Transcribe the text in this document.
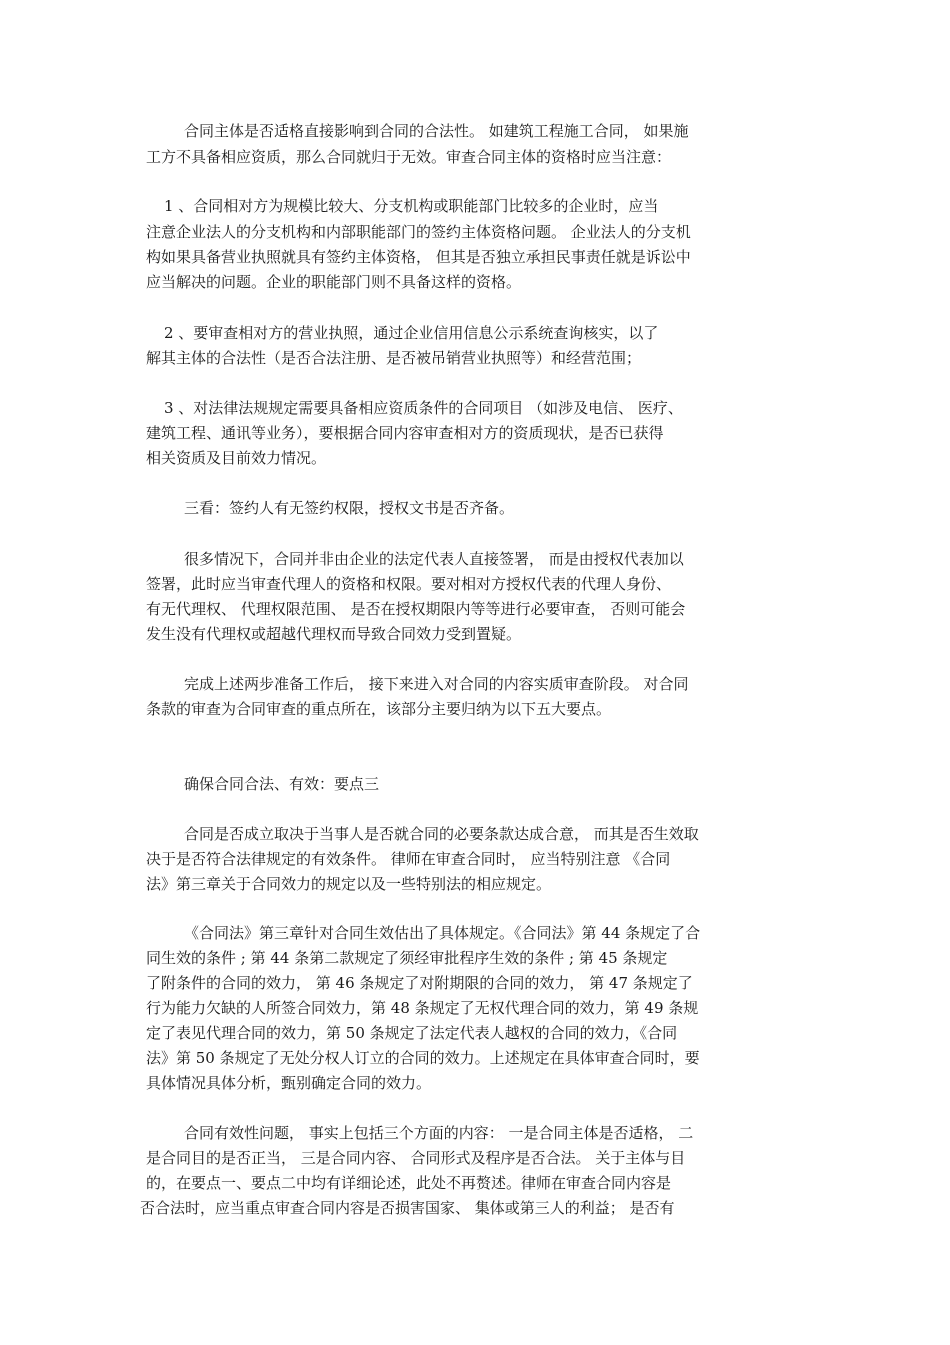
合同主体是否适格直接影响到合同的合法性。 如建筑工程施工合同， 如果施
工方不具备相应资质，那么合同就归于无效。审查合同主体的资格时应当注意：
1 、合同相对方为规模比较大、分支机构或职能部门比较多的企业时，应当
注意企业法人的分支机构和内部职能部门的签约主体资格问题。 企业法人的分支机
构如果具备营业执照就具有签约主体资格， 但其是否独立承担民事责任就是诉讼中
应当解决的问题。企业的职能部门则不具备这样的资格。
2 、要审查相对方的营业执照，通过企业信用信息公示系统查询核实，以了
解其主体的合法性（是否合法注册、是否被吊销营业执照等）和经营范围；
3 、对法律法规规定需要具备相应资质条件的合同项目 （如涉及电信、 医疗、
建筑工程、通讯等业务），要根据合同内容审查相对方的资质现状，是否已获得
相关资质及目前效力情况。
三看：签约人有无签约权限，授权文书是否齐备。
很多情况下，合同并非由企业的法定代表人直接签署， 而是由授权代表加以
签署，此时应当审查代理人的资格和权限。要对相对方授权代表的代理人身份、
有无代理权、 代理权限范围、 是否在授权期限内等等进行必要审查， 否则可能会
发生没有代理权或超越代理权而导致合同效力受到置疑。
完成上述两步准备工作后， 接下来进入对合同的内容实质审查阶段。 对合同
条款的审查为合同审查的重点所在，该部分主要归纳为以下五大要点。
确保合同合法、有效：要点三
合同是否成立取决于当事人是否就合同的必要条款达成合意， 而其是否生效取
决于是否符合法律规定的有效条件。 律师在审查合同时， 应当特别注意 《合同
法》第三章关于合同效力的规定以及一些特别法的相应规定。
《合同法》第三章针对合同生效估出了具体规定。《合同法》第 44 条规定了合
同生效的条件 ; 第 44 条第二款规定了须经审批程序生效的条件 ; 第 45 条规定
了附条件的合同的效力， 第 46 条规定了对附期限的合同的效力， 第 47 条规定了
行为能力欠缺的人所签合同效力，第 48 条规定了无权代理合同的效力，第 49 条规
定了表见代理合同的效力，第 50 条规定了法定代表人越权的合同的效力，《合同
法》第 50 条规定了无处分权人订立的合同的效力。上述规定在具体审查合同时，要
具体情况具体分析，甄别确定合同的效力。
合同有效性问题， 事实上包括三个方面的内容： 一是合同主体是否适格， 二
是合同目的是否正当， 三是合同内容、 合同形式及程序是否合法。 关于主体与目
的，在要点一、要点二中均有详细论述，此处不再赘述。律师在审查合同内容是
否合法时，应当重点审查合同内容是否损害国家、 集体或第三人的利益； 是否有
